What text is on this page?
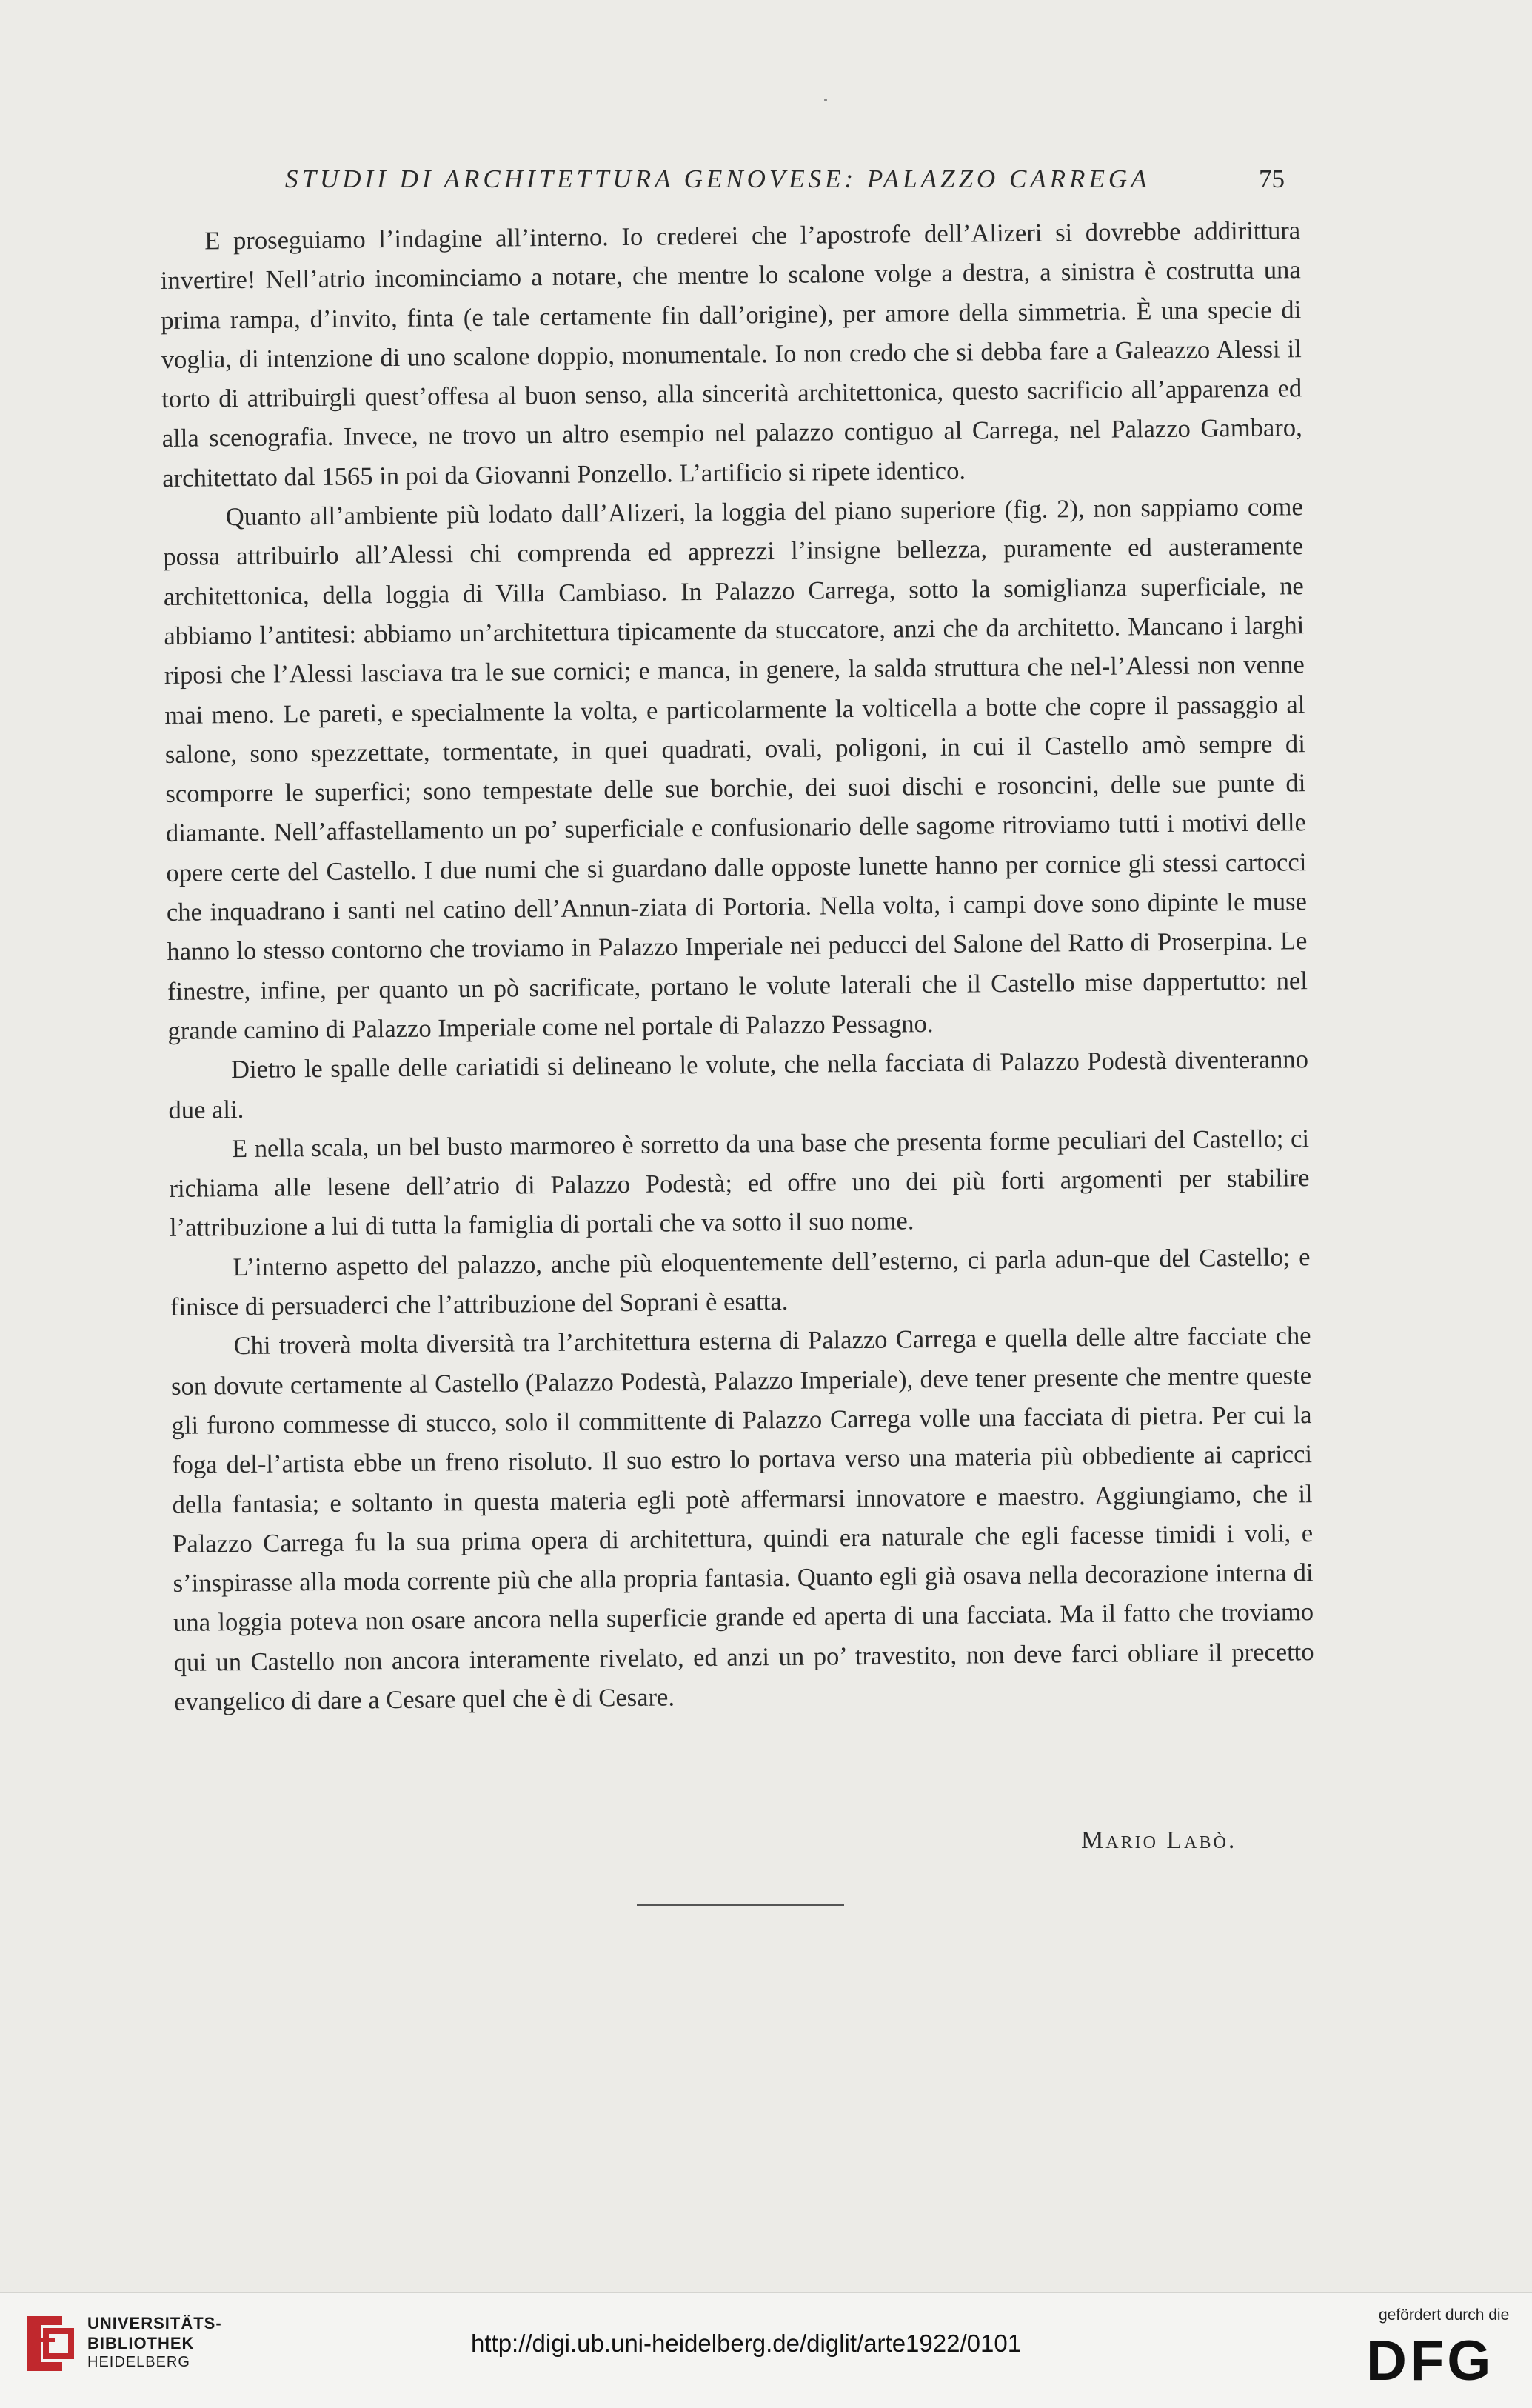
STUDII DI ARCHITETTURA GENOVESE: PALAZZO CARREGA	75

E proseguiamo l’indagine all’interno. Io crederei che l’apostrofe dell’Alizeri si dovrebbe addirittura invertire! Nell’atrio incominciamo a notare, che mentre lo scalone volge a destra, a sinistra è costrutta una prima rampa, d’invito, finta (e tale certamente fin dall’origine), per amore della simmetria. È una specie di voglia, di intenzione di uno scalone doppio, monumentale. Io non credo che si debba fare a Galeazzo Alessi il torto di attribuirgli quest’offesa al buon senso, alla sincerità architettonica, questo sacrificio all’apparenza ed alla scenografia. Invece, ne trovo un altro esempio nel palazzo contiguo al Carrega, nel Palazzo Gambaro, architettato dal 1565 in poi da Giovanni Ponzello. L’artificio si ripete identico.

Quanto all’ambiente più lodato dall’Alizeri, la loggia del piano superiore (fig. 2), non sappiamo come possa attribuirlo all’Alessi chi comprenda ed apprezzi l’insigne bellezza, puramente ed austeramente architettonica, della loggia di Villa Cambiaso. In Palazzo Carrega, sotto la somiglianza superficiale, ne abbiamo l’antitesi: abbiamo un’architettura tipicamente da stuccatore, anzi che da architetto. Mancano i larghi riposi che l’Alessi lasciava tra le sue cornici; e manca, in genere, la salda struttura che nel-l’Alessi non venne mai meno. Le pareti, e specialmente la volta, e particolarmente la volticella a botte che copre il passaggio al salone, sono spezzettate, tormentate, in quei quadrati, ovali, poligoni, in cui il Castello amò sempre di scomporre le superfici; sono tempestate delle sue borchie, dei suoi dischi e rosoncini, delle sue punte di diamante. Nell’affastellamento un po’ superficiale e confusionario delle sagome ritroviamo tutti i motivi delle opere certe del Castello. I due numi che si guardano dalle opposte lunette hanno per cornice gli stessi cartocci che inquadrano i santi nel catino dell’Annun-ziata di Portoria. Nella volta, i campi dove sono dipinte le muse hanno lo stesso contorno che troviamo in Palazzo Imperiale nei peducci del Salone del Ratto di Proserpina. Le finestre, infine, per quanto un pò sacrificate, portano le volute laterali che il Castello mise dappertutto: nel grande camino di Palazzo Imperiale come nel portale di Palazzo Pessagno.

Dietro le spalle delle cariatidi si delineano le volute, che nella facciata di Palazzo Podestà diventeranno due ali.

E nella scala, un bel busto marmoreo è sorretto da una base che presenta forme peculiari del Castello; ci richiama alle lesene dell’atrio di Palazzo Podestà; ed offre uno dei più forti argomenti per stabilire l’attribuzione a lui di tutta la famiglia di portali che va sotto il suo nome.

L’interno aspetto del palazzo, anche più eloquentemente dell’esterno, ci parla adun-que del Castello; e finisce di persuaderci che l’attribuzione del Soprani è esatta.

Chi troverà molta diversità tra l’architettura esterna di Palazzo Carrega e quella delle altre facciate che son dovute certamente al Castello (Palazzo Podestà, Palazzo Imperiale), deve tener presente che mentre queste gli furono commesse di stucco, solo il committente di Palazzo Carrega volle una facciata di pietra. Per cui la foga del-l’artista ebbe un freno risoluto. Il suo estro lo portava verso una materia più obbediente ai capricci della fantasia; e soltanto in questa materia egli potè affermarsi innovatore e maestro. Aggiungiamo, che il Palazzo Carrega fu la sua prima opera di architettura, quindi era naturale che egli facesse timidi i voli, e s’inspirasse alla moda corrente più che alla propria fantasia. Quanto egli già osava nella decorazione interna di una loggia poteva non osare ancora nella superficie grande ed aperta di una facciata. Ma il fatto che troviamo qui un Castello non ancora interamente rivelato, ed anzi un po’ travestito, non deve farci obliare il precetto evangelico di dare a Cesare quel che è di Cesare.

Mario Labò.
UNIVERSITÄTS-
BIBLIOTHEK
HEIDELBERG
http://digi.ub.uni-heidelberg.de/diglit/arte1922/0101
gefördert durch die
DFG
